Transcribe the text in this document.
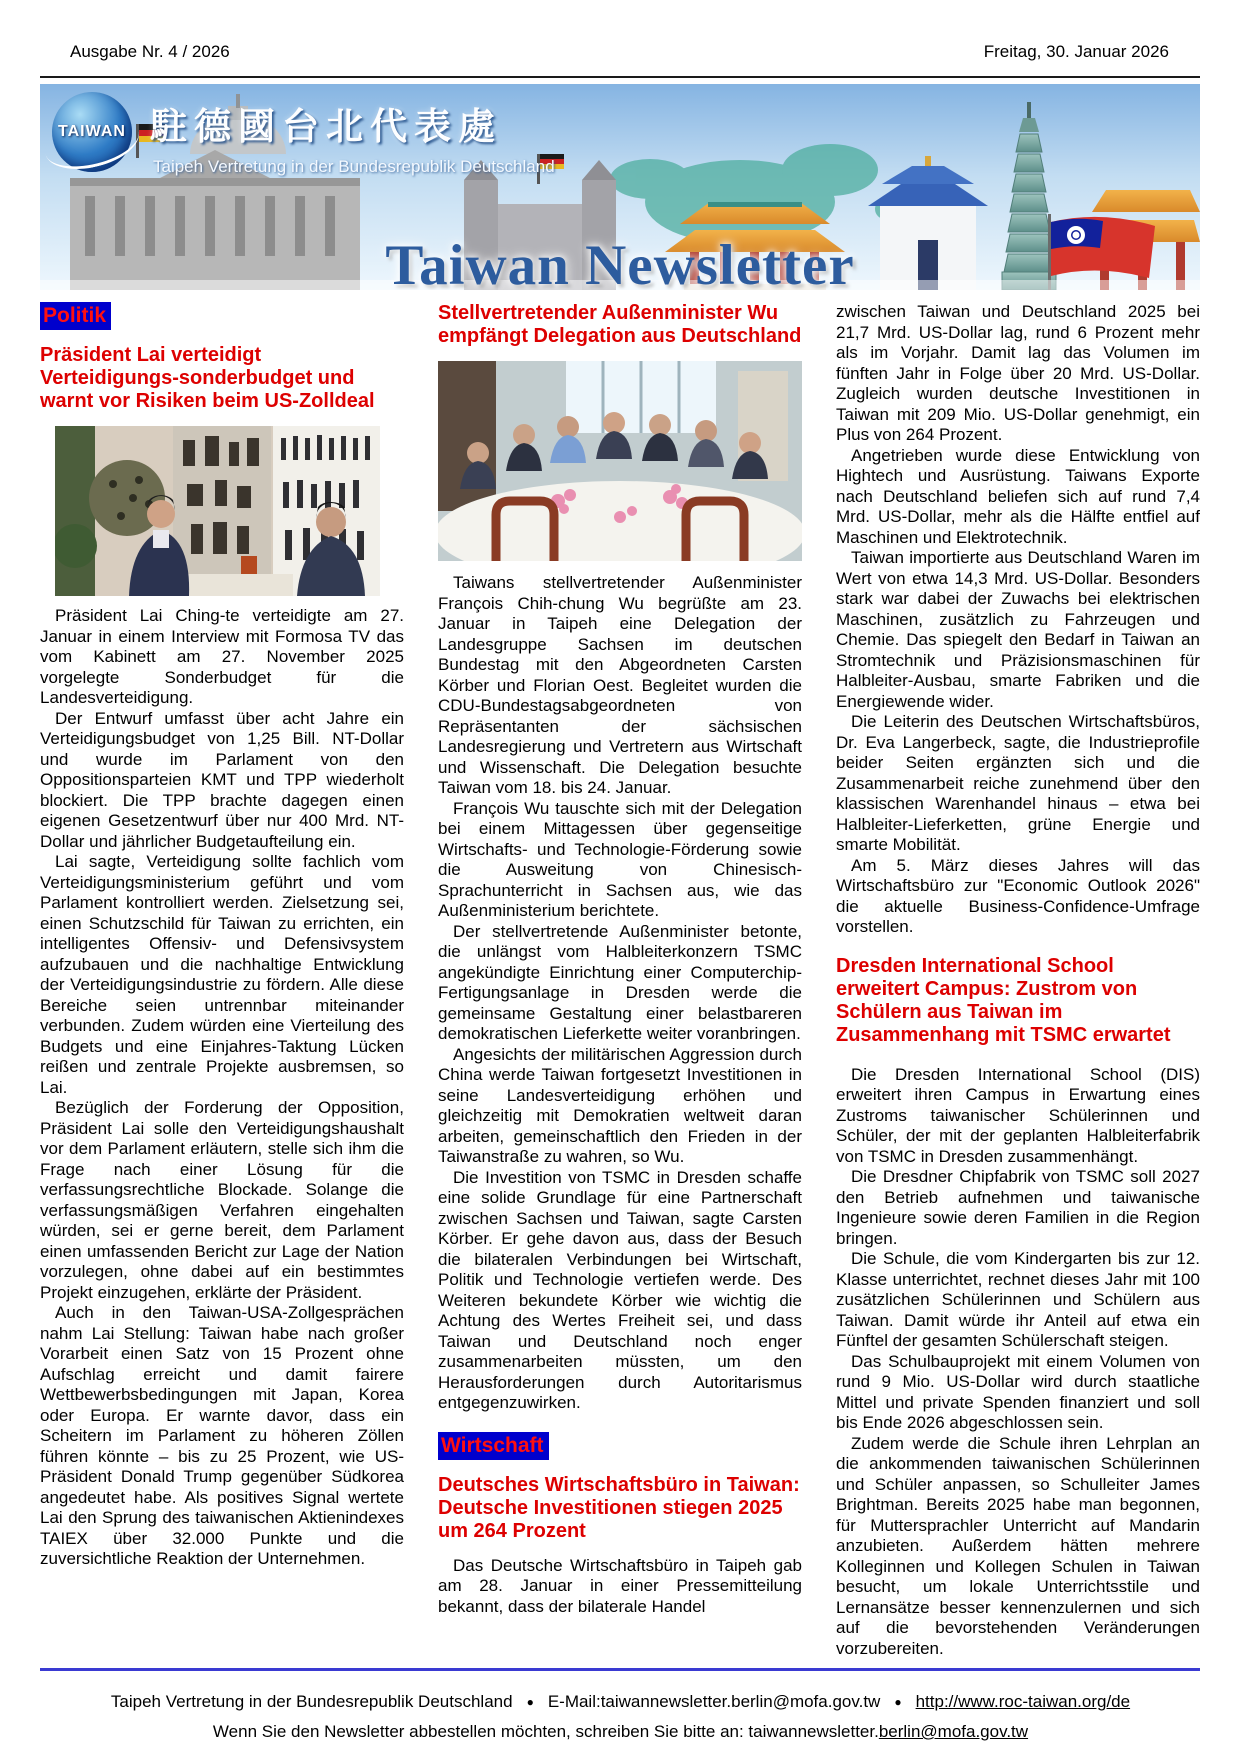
Ausgabe Nr. 4 / 2026	Freitag, 30. Januar 2026
TAIWAN 駐德國台北代表處
Taipeh Vertretung in der Bundesrepublik Deutschland
Taiwan Newsletter
Politik
Präsident Lai verteidigt Verteidigungs-sonderbudget und warnt vor Risiken beim US-Zolldeal

Präsident Lai Ching-te verteidigte am 27. Januar in einem Interview mit Formosa TV das vom Kabinett am 27. November 2025 vorgelegte Sonderbudget für die Landesverteidigung.

Der Entwurf umfasst über acht Jahre ein Verteidigungsbudget von 1,25 Bill. NT-Dollar und wurde im Parlament von den Oppositionsparteien KMT und TPP wiederholt blockiert. Die TPP brachte dagegen einen eigenen Gesetzentwurf über nur 400 Mrd. NT-Dollar und jährlicher Budgetaufteilung ein.

Lai sagte, Verteidigung sollte fachlich vom Verteidigungsministerium geführt und vom Parlament kontrolliert werden. Zielsetzung sei, einen Schutzschild für Taiwan zu errichten, ein intelligentes Offensiv- und Defensivsystem aufzubauen und die nachhaltige Entwicklung der Verteidigungsindustrie zu fördern. Alle diese Bereiche seien untrennbar miteinander verbunden. Zudem würden eine Vierteilung des Budgets und eine Einjahres-Taktung Lücken reißen und zentrale Projekte ausbremsen, so Lai.

Bezüglich der Forderung der Opposition, Präsident Lai solle den Verteidigungshaushalt vor dem Parlament erläutern, stelle sich ihm die Frage nach einer Lösung für die verfassungsrechtliche Blockade. Solange die verfassungsmäßigen Verfahren eingehalten würden, sei er gerne bereit, dem Parlament einen umfassenden Bericht zur Lage der Nation vorzulegen, ohne dabei auf ein bestimmtes Projekt einzugehen, erklärte der Präsident.

Auch in den Taiwan-USA-Zollgesprächen nahm Lai Stellung: Taiwan habe nach großer Vorarbeit einen Satz von 15 Prozent ohne Aufschlag erreicht und damit fairere Wettbewerbsbedingungen mit Japan, Korea oder Europa. Er warnte davor, dass ein Scheitern im Parlament zu höheren Zöllen führen könnte – bis zu 25 Prozent, wie US-Präsident Donald Trump gegenüber Südkorea angedeutet habe. Als positives Signal wertete Lai den Sprung des taiwanischen Aktienindexes TAIEX über 32.000 Punkte und die zuversichtliche Reaktion der Unternehmen.

Stellvertretender Außenminister Wu empfängt Delegation aus Deutschland

Taiwans stellvertretender Außenminister François Chih-chung Wu begrüßte am 23. Januar in Taipeh eine Delegation der Landesgruppe Sachsen im deutschen Bundestag mit den Abgeordneten Carsten Körber und Florian Oest. Begleitet wurden die CDU-Bundestagsabgeordneten von Repräsentanten der sächsischen Landesregierung und Vertretern aus Wirtschaft und Wissenschaft. Die Delegation besuchte Taiwan vom 18. bis 24. Januar.

François Wu tauschte sich mit der Delegation bei einem Mittagessen über gegenseitige Wirtschafts- und Technologie-Förderung sowie die Ausweitung von Chinesisch-Sprachunterricht in Sachsen aus, wie das Außenministerium berichtete.

Der stellvertretende Außenminister betonte, die unlängst vom Halbleiterkonzern TSMC angekündigte Einrichtung einer Computerchip-Fertigungsanlage in Dresden werde die gemeinsame Gestaltung einer belastbareren demokratischen Lieferkette weiter voranbringen.

Angesichts der militärischen Aggression durch China werde Taiwan fortgesetzt Investitionen in seine Landesverteidigung erhöhen und gleichzeitig mit Demokratien weltweit daran arbeiten, gemeinschaftlich den Frieden in der Taiwanstraße zu wahren, so Wu.

Die Investition von TSMC in Dresden schaffe eine solide Grundlage für eine Partnerschaft zwischen Sachsen und Taiwan, sagte Carsten Körber. Er gehe davon aus, dass der Besuch die bilateralen Verbindungen bei Wirtschaft, Politik und Technologie vertiefen werde. Des Weiteren bekundete Körber wie wichtig die Achtung des Wertes Freiheit sei, und dass Taiwan und Deutschland noch enger zusammenarbeiten müssten, um den Herausforderungen durch Autoritarismus entgegenzuwirken.

Wirtschaft
Deutsches Wirtschaftsbüro in Taiwan: Deutsche Investitionen stiegen 2025 um 264 Prozent

Das Deutsche Wirtschaftsbüro in Taipeh gab am 28. Januar in einer Pressemitteilung bekannt, dass der bilaterale Handel

zwischen Taiwan und Deutschland 2025 bei 21,7 Mrd. US-Dollar lag, rund 6 Prozent mehr als im Vorjahr. Damit lag das Volumen im fünften Jahr in Folge über 20 Mrd. US-Dollar. Zugleich wurden deutsche Investitionen in Taiwan mit 209 Mio. US-Dollar genehmigt, ein Plus von 264 Prozent.

Angetrieben wurde diese Entwicklung von Hightech und Ausrüstung. Taiwans Exporte nach Deutschland beliefen sich auf rund 7,4 Mrd. US-Dollar, mehr als die Hälfte entfiel auf Maschinen und Elektrotechnik.

Taiwan importierte aus Deutschland Waren im Wert von etwa 14,3 Mrd. US-Dollar. Besonders stark war dabei der Zuwachs bei elektrischen Maschinen, zusätzlich zu Fahrzeugen und Chemie. Das spiegelt den Bedarf in Taiwan an Stromtechnik und Präzisionsmaschinen für Halbleiter-Ausbau, smarte Fabriken und die Energiewende wider.

Die Leiterin des Deutschen Wirtschaftsbüros, Dr. Eva Langerbeck, sagte, die Industrieprofile beider Seiten ergänzten sich und die Zusammenarbeit reiche zunehmend über den klassischen Warenhandel hinaus – etwa bei Halbleiter-Lieferketten, grüne Energie und smarte Mobilität.

Am 5. März dieses Jahres will das Wirtschaftsbüro zur "Economic Outlook 2026" die aktuelle Business-Confidence-Umfrage vorstellen.

Dresden International School erweitert Campus: Zustrom von Schülern aus Taiwan im Zusammenhang mit TSMC erwartet

Die Dresden International School (DIS) erweitert ihren Campus in Erwartung eines Zustroms taiwanischer Schülerinnen und Schüler, der mit der geplanten Halbleiterfabrik von TSMC in Dresden zusammenhängt.

Die Dresdner Chipfabrik von TSMC soll 2027 den Betrieb aufnehmen und taiwanische Ingenieure sowie deren Familien in die Region bringen.

Die Schule, die vom Kindergarten bis zur 12. Klasse unterrichtet, rechnet dieses Jahr mit 100 zusätzlichen Schülerinnen und Schülern aus Taiwan. Damit würde ihr Anteil auf etwa ein Fünftel der gesamten Schülerschaft steigen.

Das Schulbauprojekt mit einem Volumen von rund 9 Mio. US-Dollar wird durch staatliche Mittel und private Spenden finanziert und soll bis Ende 2026 abgeschlossen sein.

Zudem werde die Schule ihren Lehrplan an die ankommenden taiwanischen Schülerinnen und Schüler anpassen, so Schulleiter James Brightman. Bereits 2025 habe man begonnen, für Muttersprachler Unterricht auf Mandarin anzubieten. Außerdem hätten mehrere Kolleginnen und Kollegen Schulen in Taiwan besucht, um lokale Unterrichtsstile und Lernansätze besser kennenzulernen und sich auf die bevorstehenden Veränderungen vorzubereiten.

Taipeh Vertretung in der Bundesrepublik Deutschland ● E-Mail:taiwannewsletter.berlin@mofa.gov.tw ● http://www.roc-taiwan.org/de
Wenn Sie den Newsletter abbestellen möchten, schreiben Sie bitte an: taiwannewsletter.berlin@mofa.gov.tw
